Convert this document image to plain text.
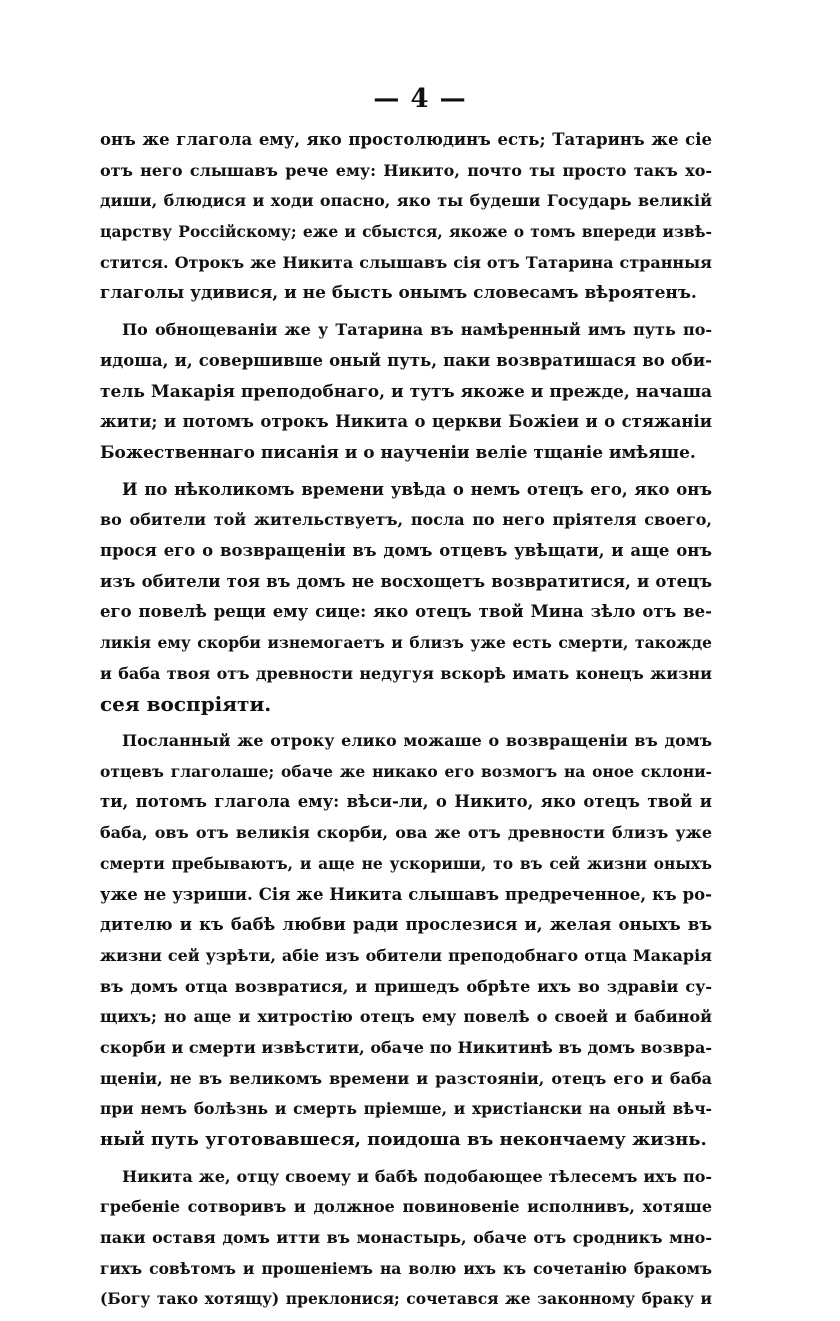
— 4 —
онъ же глагола ему, яко простолюдинъ есть; Татаринъ же сіе
отъ него слышавъ рече ему: Никито, почто ты просто такъ хо-
диши, блюдися и ходи опасно, яко ты будеши Государь великій
царству Россійскому; еже и сбыстся, якоже о томъ впереди извѣ-
стится. Отрокъ же Никита слышавъ сія отъ Татарина странныя
глаголы удивися, и не бысть онымъ словесамъ вѣроятенъ.
По обнощеваніи же у Татарина въ намѣренный имъ путь по-
идоша, и, совершивше оный путь, паки возвратишася во оби-
тель Макарія преподобнаго, и тутъ якоже и прежде, начаша
жити; и потомъ отрокъ Никита о церкви Божіеи и о стяжаніи
Божественнаго писанія и о наученіи веліе тщаніе имѣяше.
И по нѣколикомъ времени увѣда о немъ отецъ его, яко онъ
во обители той жительствуетъ, посла по него пріятеля своего,
прося его о возвращеніи въ домъ отцевъ увѣщати, и аще онъ
изъ обители тоя въ домъ не восхощетъ возвратитися, и отецъ
его повелѣ рещи ему сице: яко отецъ твой Мина зѣло отъ ве-
ликія ему скорби изнемогаетъ и близъ уже есть смерти, такожде
и баба твоя отъ древности недугуя вскорѣ имать конецъ жизни
сея воспріяти.
Посланный же отроку елико можаше о возвращеніи въ домъ
отцевъ глаголаше; обаче же никако его возмогъ на оное склони-
ти, потомъ глагола ему: вѣси-ли, о Никито, яко отецъ твой и
баба, овъ отъ великія скорби, ова же отъ древности близъ уже
смерти пребываютъ, и аще не ускориши, то въ сей жизни оныхъ
уже не узриши. Сія же Никита слышавъ предреченное, къ ро-
дителю и къ бабѣ любви ради прослезися и, желая оныхъ въ
жизни сей узрѣти, абіе изъ обители преподобнаго отца Макарія
въ домъ отца возвратися, и пришедъ обрѣте ихъ во здравіи су-
щихъ; но аще и хитростію отецъ ему повелѣ о своей и бабиной
скорби и смерти извѣстити, обаче по Никитинѣ въ домъ возвра-
щеніи, не въ великомъ времени и разстояніи, отецъ его и баба
при немъ болѣзнь и смерть пріемше, и христіански на оный вѣч-
ный путь уготовавшеся, поидоша въ некончаему жизнь.
Никита же, отцу своему и бабѣ подобающее тѣлесемъ ихъ по-
гребеніе сотворивъ и должное повиновеніе исполнивъ, хотяше
паки оставя домъ итти въ монастырь, обаче отъ сродникъ мно-
гихъ совѣтомъ и прошеніемъ на волю ихъ къ сочетанію бракомъ
(Богу тако хотящу) преклонися; сочетався же законному браку и
